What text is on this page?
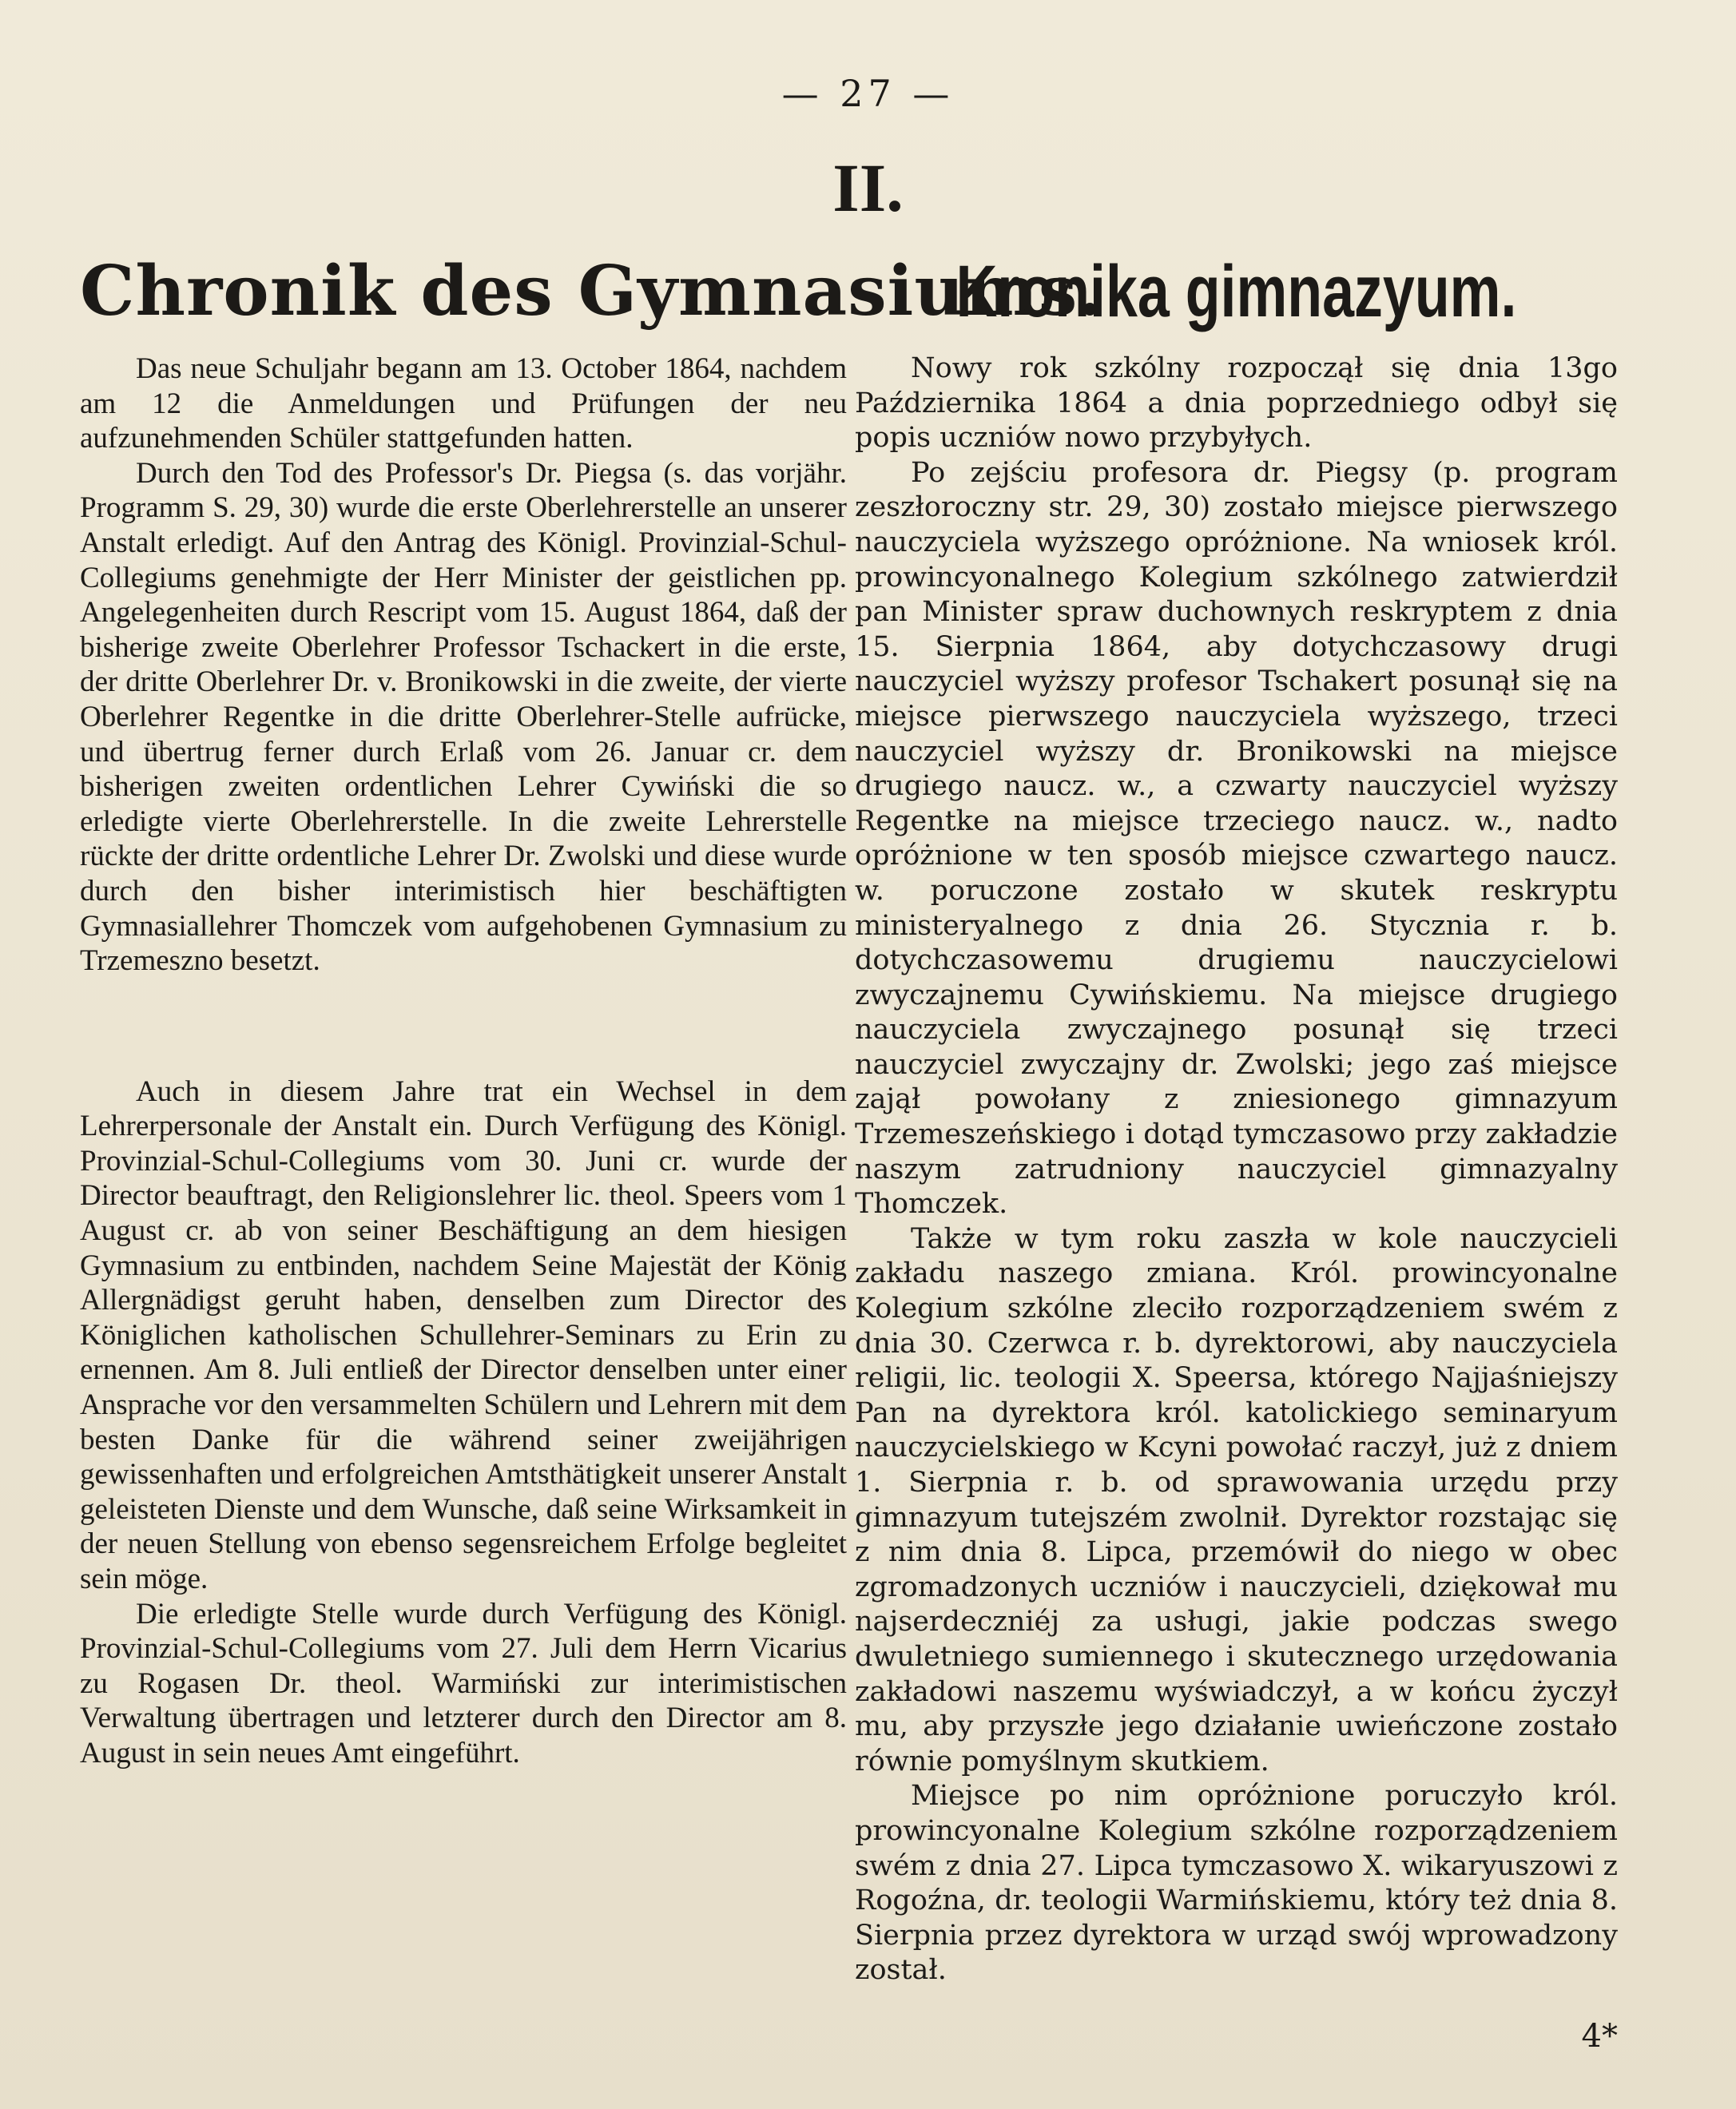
— 27 —
II.
Chronik des Gymnasiums.

Das neue Schuljahr begann am 13. October 1864, nachdem am 12 die Anmeldungen und Prüfungen der neu aufzunehmenden Schüler stattgefunden hatten.

Durch den Tod des Professor's Dr. Piegsa (s. das vorjähr. Programm S. 29, 30) wurde die erste Oberlehrerstelle an unserer Anstalt erledigt. Auf den Antrag des Königl. Provinzial-Schul-Collegiums genehmigte der Herr Minister der geistlichen pp. Angelegenheiten durch Rescript vom 15. August 1864, daß der bisherige zweite Oberlehrer Professor Tschackert in die erste, der dritte Oberlehrer Dr. v. Bronikowski in die zweite, der vierte Oberlehrer Regentke in die dritte Oberlehrer-Stelle aufrücke, und übertrug ferner durch Erlaß vom 26. Januar cr. dem bisherigen zweiten ordentlichen Lehrer Cywiński die so erledigte vierte Oberlehrerstelle. In die zweite Lehrerstelle rückte der dritte ordentliche Lehrer Dr. Zwolski und diese wurde durch den bisher interimistisch hier beschäftigten Gymnasiallehrer Thomczek vom aufgehobenen Gymnasium zu Trzemeszno besetzt.

Auch in diesem Jahre trat ein Wechsel in dem Lehrerpersonale der Anstalt ein. Durch Verfügung des Königl. Provinzial-Schul-Collegiums vom 30. Juni cr. wurde der Director beauftragt, den Religionslehrer lic. theol. Speers vom 1 August cr. ab von seiner Beschäftigung an dem hiesigen Gymnasium zu entbinden, nachdem Seine Majestät der König Allergnädigst geruht haben, denselben zum Director des Königlichen katholischen Schullehrer-Seminars zu Erin zu ernennen. Am 8. Juli entließ der Director denselben unter einer Ansprache vor den versammelten Schülern und Lehrern mit dem besten Danke für die während seiner zweijährigen gewissenhaften und erfolgreichen Amtsthätigkeit unserer Anstalt geleisteten Dienste und dem Wunsche, daß seine Wirksamkeit in der neuen Stellung von ebenso segensreichem Erfolge begleitet sein möge.

Die erledigte Stelle wurde durch Verfügung des Königl. Provinzial-Schul-Collegiums vom 27. Juli dem Herrn Vicarius zu Rogasen Dr. theol. Warmiński zur interimistischen Verwaltung übertragen und letzterer durch den Director am 8. August in sein neues Amt eingeführt.

Kronika gimnazyum.

Nowy rok szkólny rozpoczął się dnia 13go Października 1864 a dnia poprzedniego odbył się popis uczniów nowo przybyłych.

Po zejściu profesora dr. Piegsy (p. program zeszłoroczny str. 29, 30) zostało miejsce pierwszego nauczyciela wyższego opróżnione. Na wniosek król. prowincyonalnego Kolegium szkólnego zatwierdził pan Minister spraw duchownych reskryptem z dnia 15. Sierpnia 1864, aby dotychczasowy drugi nauczyciel wyższy profesor Tschakert posunął się na miejsce pierwszego nauczyciela wyższego, trzeci nauczyciel wyższy dr. Bronikowski na miejsce drugiego naucz. w., a czwarty nauczyciel wyższy Regentke na miejsce trzeciego naucz. w., nadto opróżnione w ten sposób miejsce czwartego naucz. w. poruczone zostało w skutek reskryptu ministeryalnego z dnia 26. Stycznia r. b. dotychczasowemu drugiemu nauczycielowi zwyczajnemu Cywińskiemu. Na miejsce drugiego nauczyciela zwyczajnego posunął się trzeci nauczyciel zwyczajny dr. Zwolski; jego zaś miejsce zajął powołany z zniesionego gimnazyum Trzemeszeńskiego i dotąd tymczasowo przy zakładzie naszym zatrudniony nauczyciel gimnazyalny Thomczek.

Także w tym roku zaszła w kole nauczycieli zakładu naszego zmiana. Król. prowincyonalne Kolegium szkólne zleciło rozporządzeniem swém z dnia 30. Czerwca r. b. dyrektorowi, aby nauczyciela religii, lic. teologii X. Speersa, którego Najjaśniejszy Pan na dyrektora król. katolickiego seminaryum nauczycielskiego w Kcyni powołać raczył, już z dniem 1. Sierpnia r. b. od sprawowania urzędu przy gimnazyum tutejszém zwolnił. Dyrektor rozstając się z nim dnia 8. Lipca, przemówił do niego w obec zgromadzonych uczniów i nauczycieli, dziękował mu najserdeczniéj za usługi, jakie podczas swego dwuletniego sumiennego i skutecznego urzędowania zakładowi naszemu wyświadczył, a w końcu życzył mu, aby przyszłe jego działanie uwieńczone zostało równie pomyślnym skutkiem.

Miejsce po nim opróżnione poruczyło król. prowincyonalne Kolegium szkólne rozporządzeniem swém z dnia 27. Lipca tymczasowo X. wikaryuszowi z Rogoźna, dr. teologii Warmińskiemu, który też dnia 8. Sierpnia przez dyrektora w urząd swój wprowadzony został.

4*
